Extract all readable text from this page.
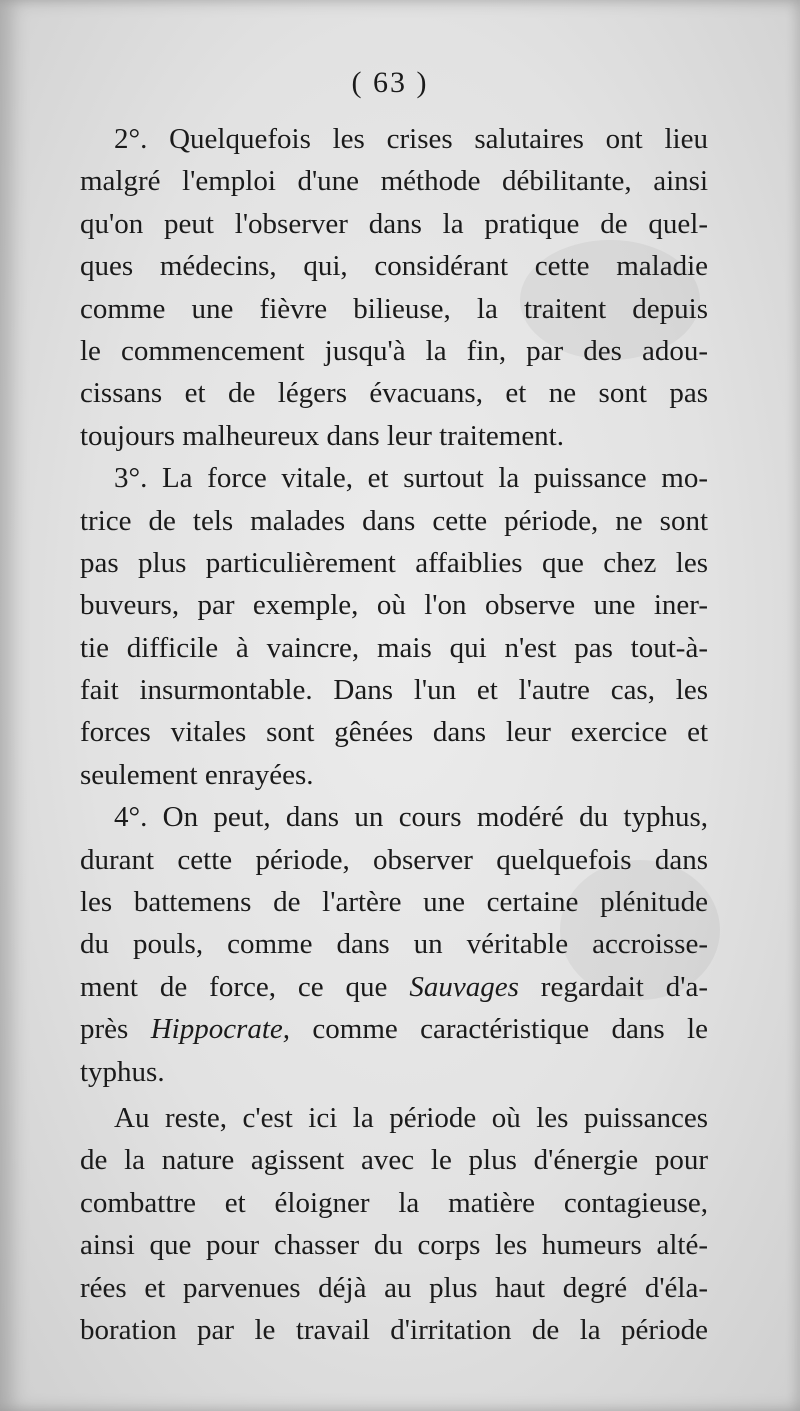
( 63 )
2°. Quelquefois les crises salutaires ont lieu
malgré l'emploi d'une méthode débilitante, ainsi
qu'on peut l'observer dans la pratique de quel-
ques médecins, qui, considérant cette maladie
comme une fièvre bilieuse, la traitent depuis
le commencement jusqu'à la fin, par des adou-
cissans et de légers évacuans, et ne sont pas
toujours malheureux dans leur traitement.
3°. La force vitale, et surtout la puissance mo-
trice de tels malades dans cette période, ne sont
pas plus particulièrement affaiblies que chez les
buveurs, par exemple, où l'on observe une iner-
tie difficile à vaincre, mais qui n'est pas tout-à-
fait insurmontable. Dans l'un et l'autre cas, les
forces vitales sont gênées dans leur exercice et
seulement enrayées.
4°. On peut, dans un cours modéré du typhus,
durant cette période, observer quelquefois dans
les battemens de l'artère une certaine plénitude
du pouls, comme dans un véritable accroisse-
ment de force, ce que Sauvages regardait d'a-
près Hippocrate, comme caractéristique dans le
typhus.
Au reste, c'est ici la période où les puissances
de la nature agissent avec le plus d'énergie pour
combattre et éloigner la matière contagieuse,
ainsi que pour chasser du corps les humeurs alté-
rées et parvenues déjà au plus haut degré d'éla-
boration par le travail d'irritation de la période
